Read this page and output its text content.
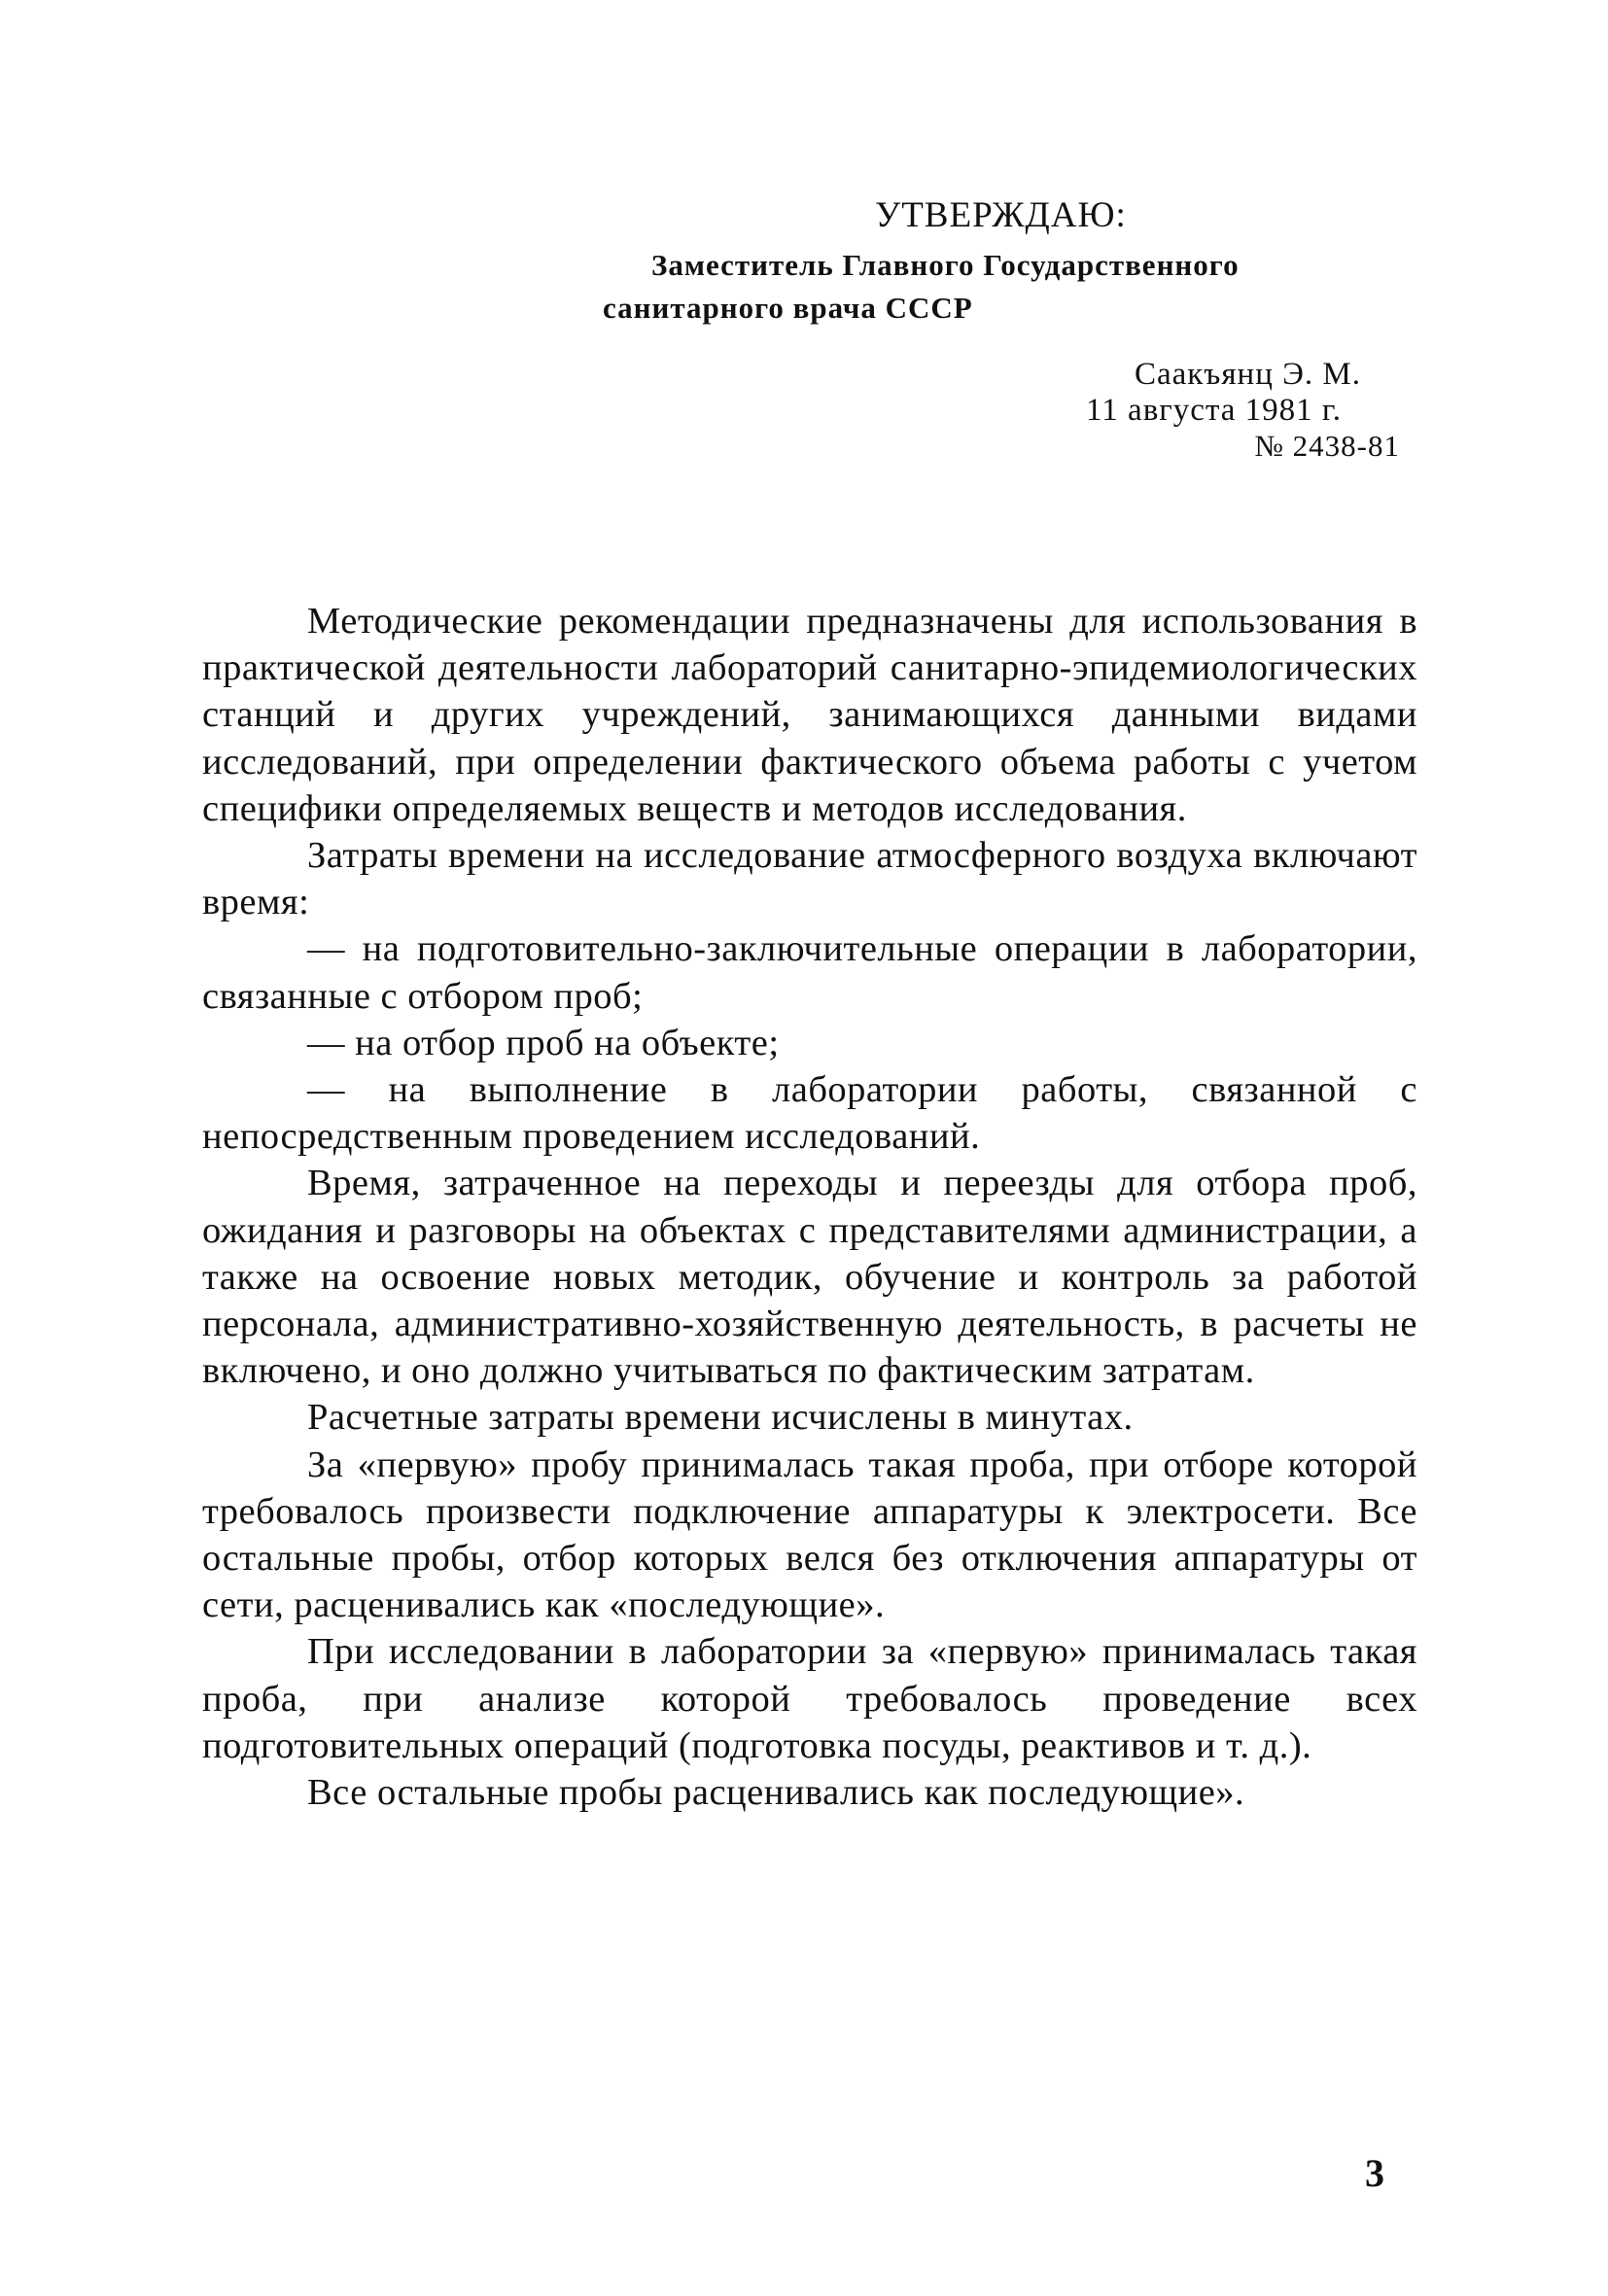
УТВЕРЖДАЮ:
Заместитель Главного Государственного
санитарного врача СССР
Саакъянц Э. М.
11 августа 1981 г.
№ 2438-81

Методические рекомендации предназначены для использования в практической деятельности лабораторий санитарно-эпидемиологических станций и других учреждений, занимающихся данными видами исследований, при определении фактического объема работы с учетом специфики определяемых веществ и методов исследования.

Затраты времени на исследование атмосферного воздуха включают время:

— на подготовительно-заключительные операции в лаборатории, связанные с отбором проб;

— на отбор проб на объекте;

— на выполнение в лаборатории работы, связанной с непосредственным проведением исследований.

Время, затраченное на переходы и переезды для отбора проб, ожидания и разговоры на объектах с представителями администрации, а также на освоение новых методик, обучение и контроль за работой персонала, административно-хозяйственную деятельность, в расчеты не включено, и оно должно учитываться по фактическим затратам.

Расчетные затраты времени исчислены в минутах.

За «первую» пробу принималась такая проба, при отборе которой требовалось произвести подключение аппаратуры к электросети. Все остальные пробы, отбор которых велся без отключения аппаратуры от сети, расценивались как «последующие».

При исследовании в лаборатории за «первую» принималась такая проба, при анализе которой требовалось проведение всех подготовительных операций (подготовка посуды, реактивов и т. д.).

Все остальные пробы расценивались как последующие».

3
